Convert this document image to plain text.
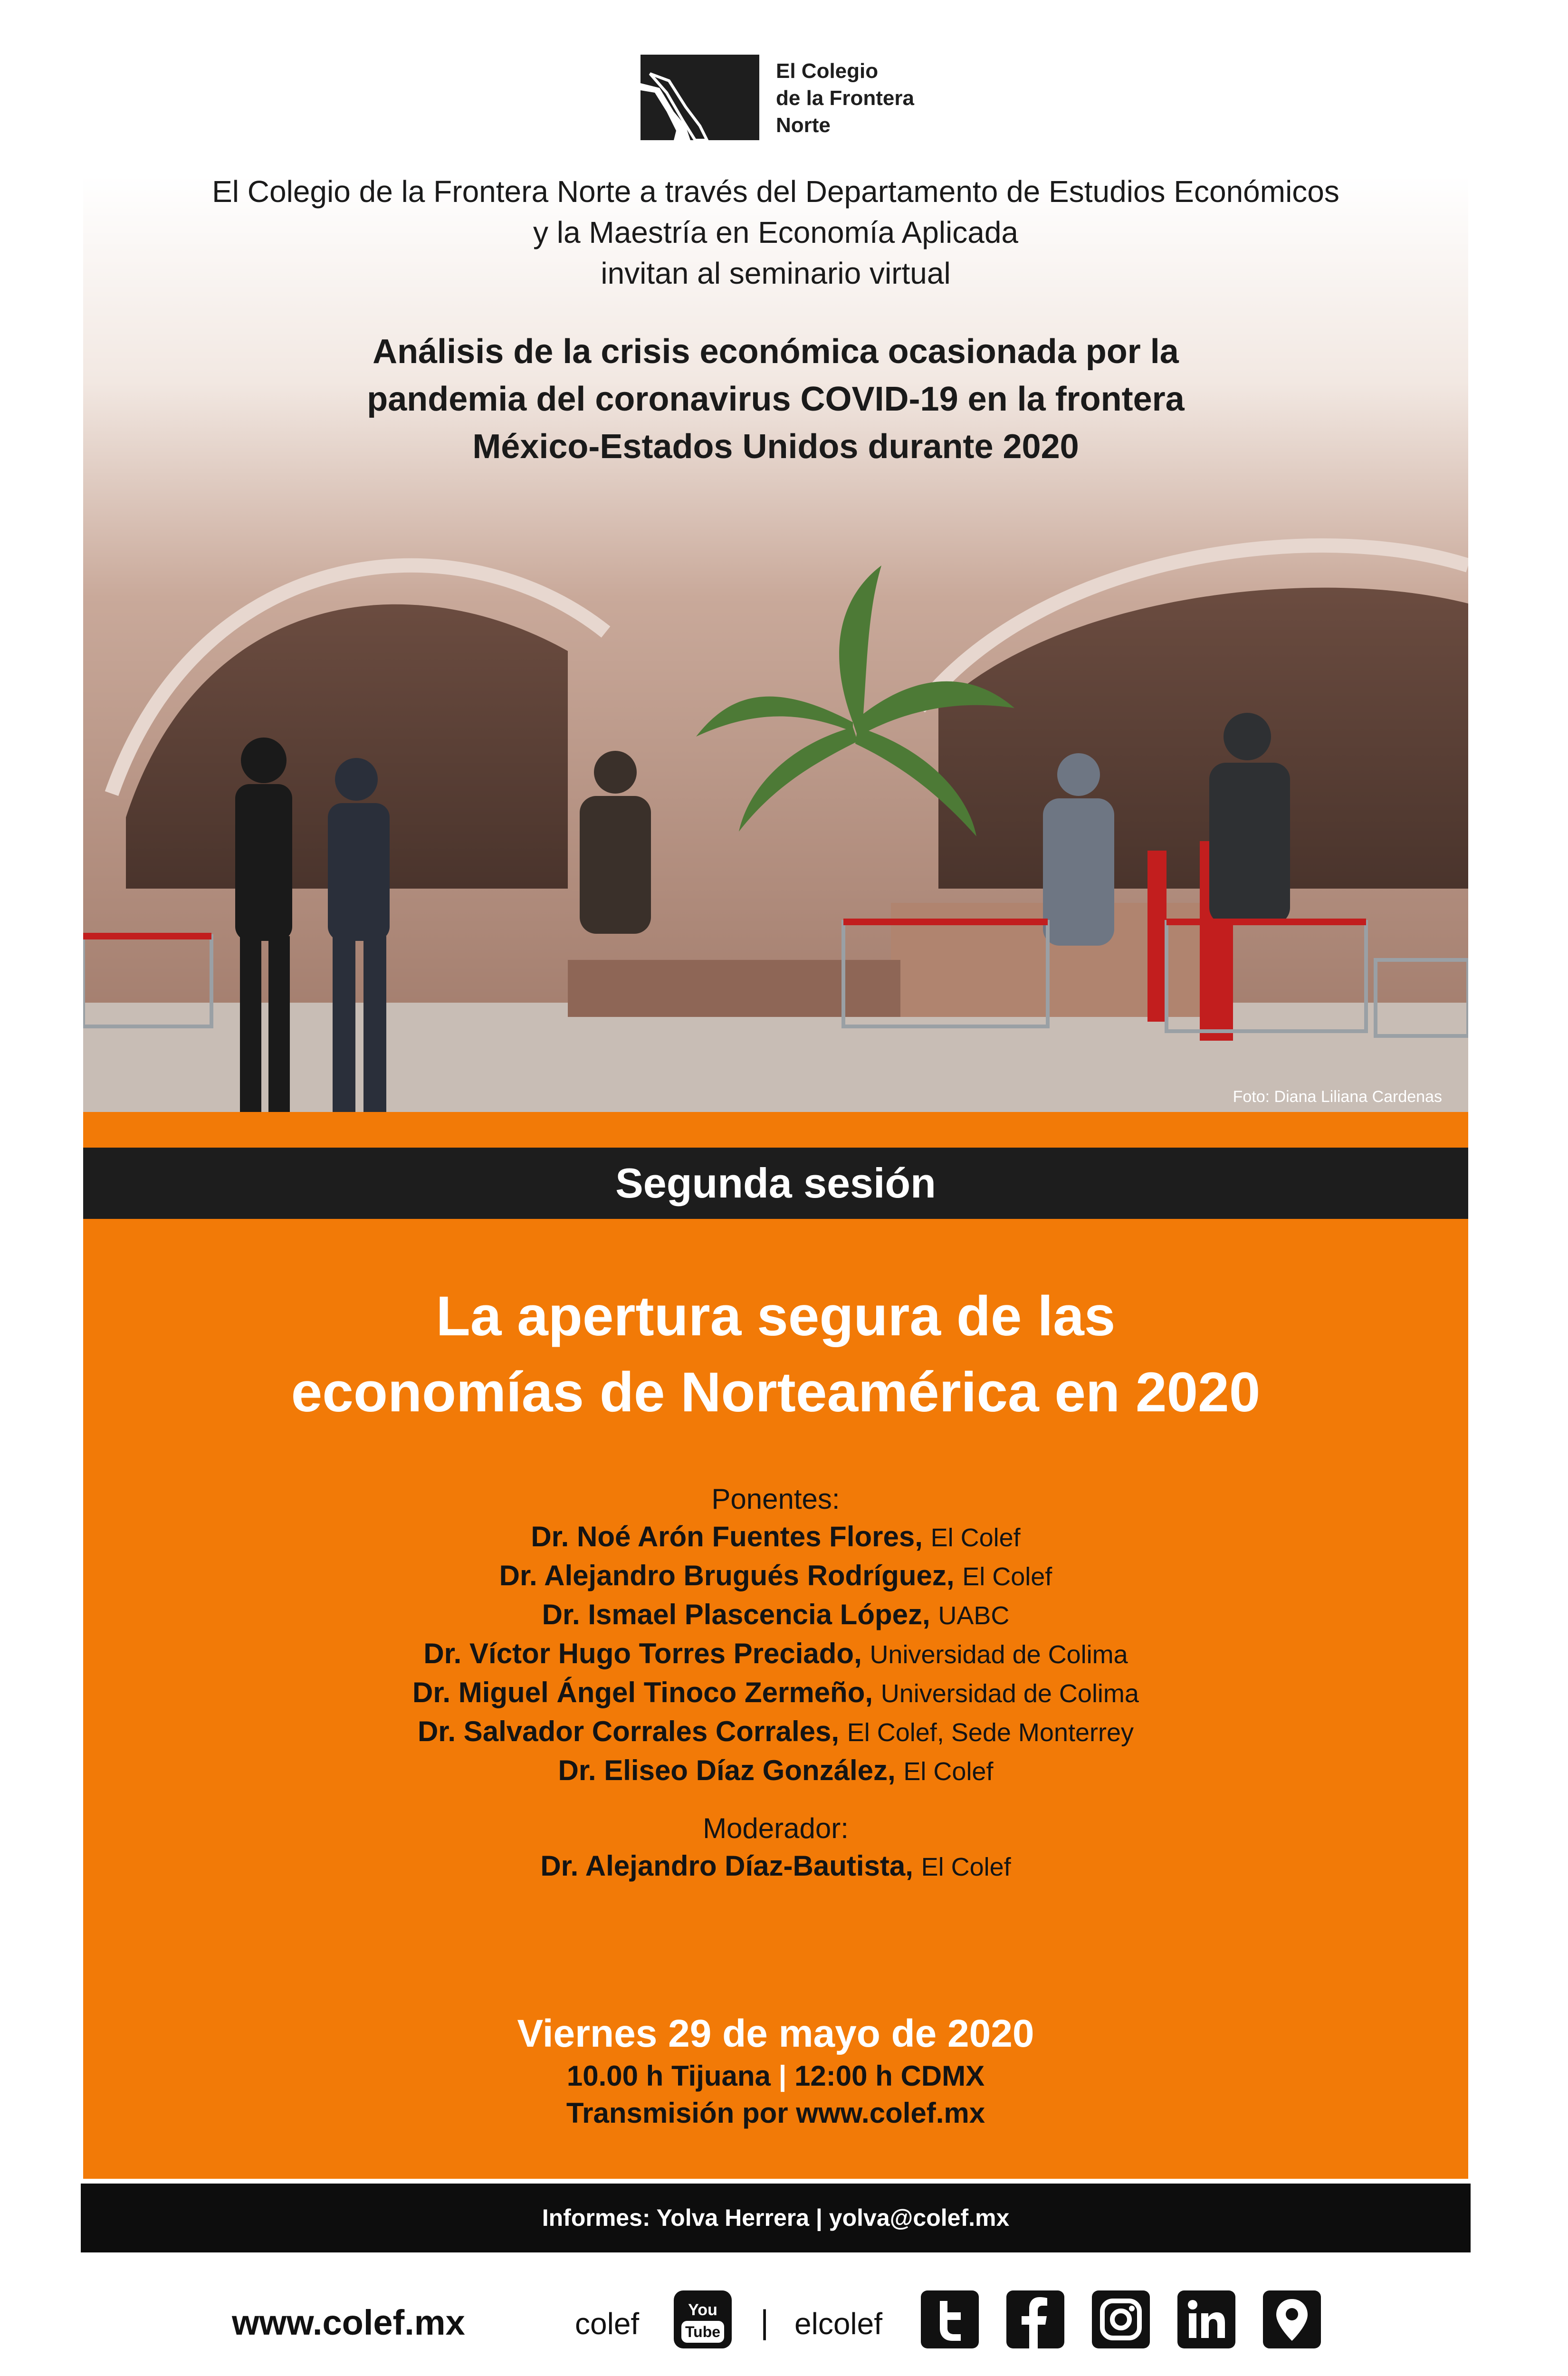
El Colegio
de la Frontera
Norte
Foto: Diana Liliana Cardenas
El Colegio de la Frontera Norte a través del Departamento de Estudios Económicos
y la Maestría en Economía Aplicada
invitan al seminario virtual
Análisis de la crisis económica ocasionada por la
pandemia del coronavirus COVID-19 en la frontera
México-Estados Unidos durante 2020
Segunda sesión
La apertura segura de las
economías de Norteamérica en 2020
Ponentes:
Dr. Noé Arón Fuentes Flores, El Colef
Dr. Alejandro Brugués Rodríguez, El Colef
Dr. Ismael Plascencia López, UABC
Dr. Víctor Hugo Torres Preciado, Universidad de Colima
Dr. Miguel Ángel Tinoco Zermeño, Universidad de Colima
Dr. Salvador Corrales Corrales, El Colef, Sede Monterrey
Dr. Eliseo Díaz González, El Colef
Moderador:
Dr. Alejandro Díaz-Bautista, El Colef
Viernes 29 de mayo de 2020
10.00 h Tijuana | 12:00 h CDMX
Transmisión por www.colef.mx
Informes: Yolva Herrera | yolva@colef.mx
www.colef.mx	colef	You
Tube | elcolef
